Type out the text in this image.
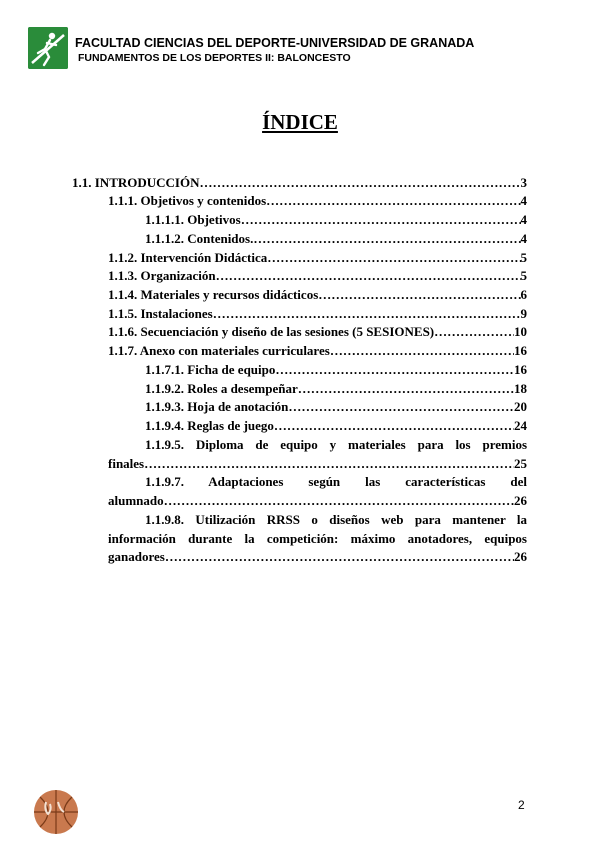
FACULTAD CIENCIAS DEL DEPORTE-UNIVERSIDAD DE GRANADA
FUNDAMENTOS DE LOS DEPORTES II: BALONCESTO
ÍNDICE
1.1. INTRODUCCIÓN ……………………………………………………………………………………………………………………………………………………………………………………	3
1.1.1. Objetivos y contenidos ……………………………………………………………………………………………………………………………………………………………………………………	4
1.1.1.1. Objetivos ……………………………………………………………………………………………………………………………………………………………………………………	4
1.1.1.2. Contenidos. ……………………………………………………………………………………………………………………………………………………………………………………	4
1.1.2. Intervención Didáctica ……………………………………………………………………………………………………………………………………………………………………………………	5
1.1.3. Organización ……………………………………………………………………………………………………………………………………………………………………………………	5
1.1.4. Materiales y recursos didácticos ……………………………………………………………………………………………………………………………………………………………………………………	6
1.1.5. Instalaciones ……………………………………………………………………………………………………………………………………………………………………………………	9
1.1.6. Secuenciación y diseño de las sesiones (5 SESIONES) ……………………………………………………………………………………………………………………………………………………………………………………	10
1.1.7. Anexo con materiales curriculares ……………………………………………………………………………………………………………………………………………………………………………………	16
1.1.7.1. Ficha de equipo ……………………………………………………………………………………………………………………………………………………………………………………	16
1.1.9.2. Roles a desempeñar ……………………………………………………………………………………………………………………………………………………………………………………	18
1.1.9.3. Hoja de anotación ……………………………………………………………………………………………………………………………………………………………………………………	20
1.1.9.4. Reglas de juego ……………………………………………………………………………………………………………………………………………………………………………………	24
1.1.9.5. Diploma de equipo y materiales para los premios
finales ……………………………………………………………………………………………………………………………………………………………………………………	25
1.1.9.7. Adaptaciones según las características del
alumnado ……………………………………………………………………………………………………………………………………………………………………………………	26
1.1.9.8. Utilización RRSS o diseños web para mantener la
información durante la competición: máximo anotadores, equipos
ganadores ……………………………………………………………………………………………………………………………………………………………………………………	26
2
